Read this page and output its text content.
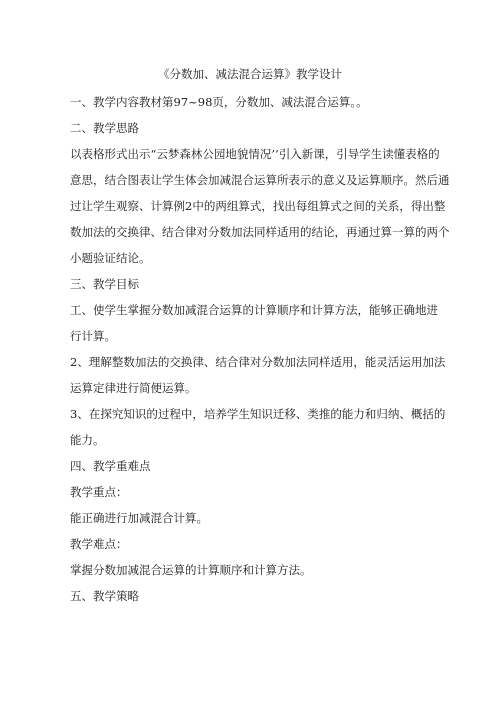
《分数加、减法混合运算》教学设计
一、教学内容教材第97~98页，分数加、减法混合运算。。
二、教学思路
以表格形式出示“云梦森林公园地貌情况’’引入新课，引导学生读懂表格的
意思，结合图表让学生体会加减混合运算所表示的意义及运算顺序。然后通
过让学生观察、计算例2中的两组算式，找出每组算式之间的关系，得出整
数加法的交换律、结合律对分数加法同样适用的结论，再通过算一算的两个
小题验证结论。
三、教学目标
工、使学生掌握分数加减混合运算的计算顺序和计算方法，能够正确地进
行计算。
2、理解整数加法的交换律、结合律对分数加法同样适用，能灵活运用加法
运算定律进行简便运算。
3、在探究知识的过程中，培养学生知识迁移、类推的能力和归纳、概括的
能力。
四、教学重难点
教学重点：
能正确进行加减混合计算。
教学难点：
掌握分数加减混合运算的计算顺序和计算方法。
五、教学策略
